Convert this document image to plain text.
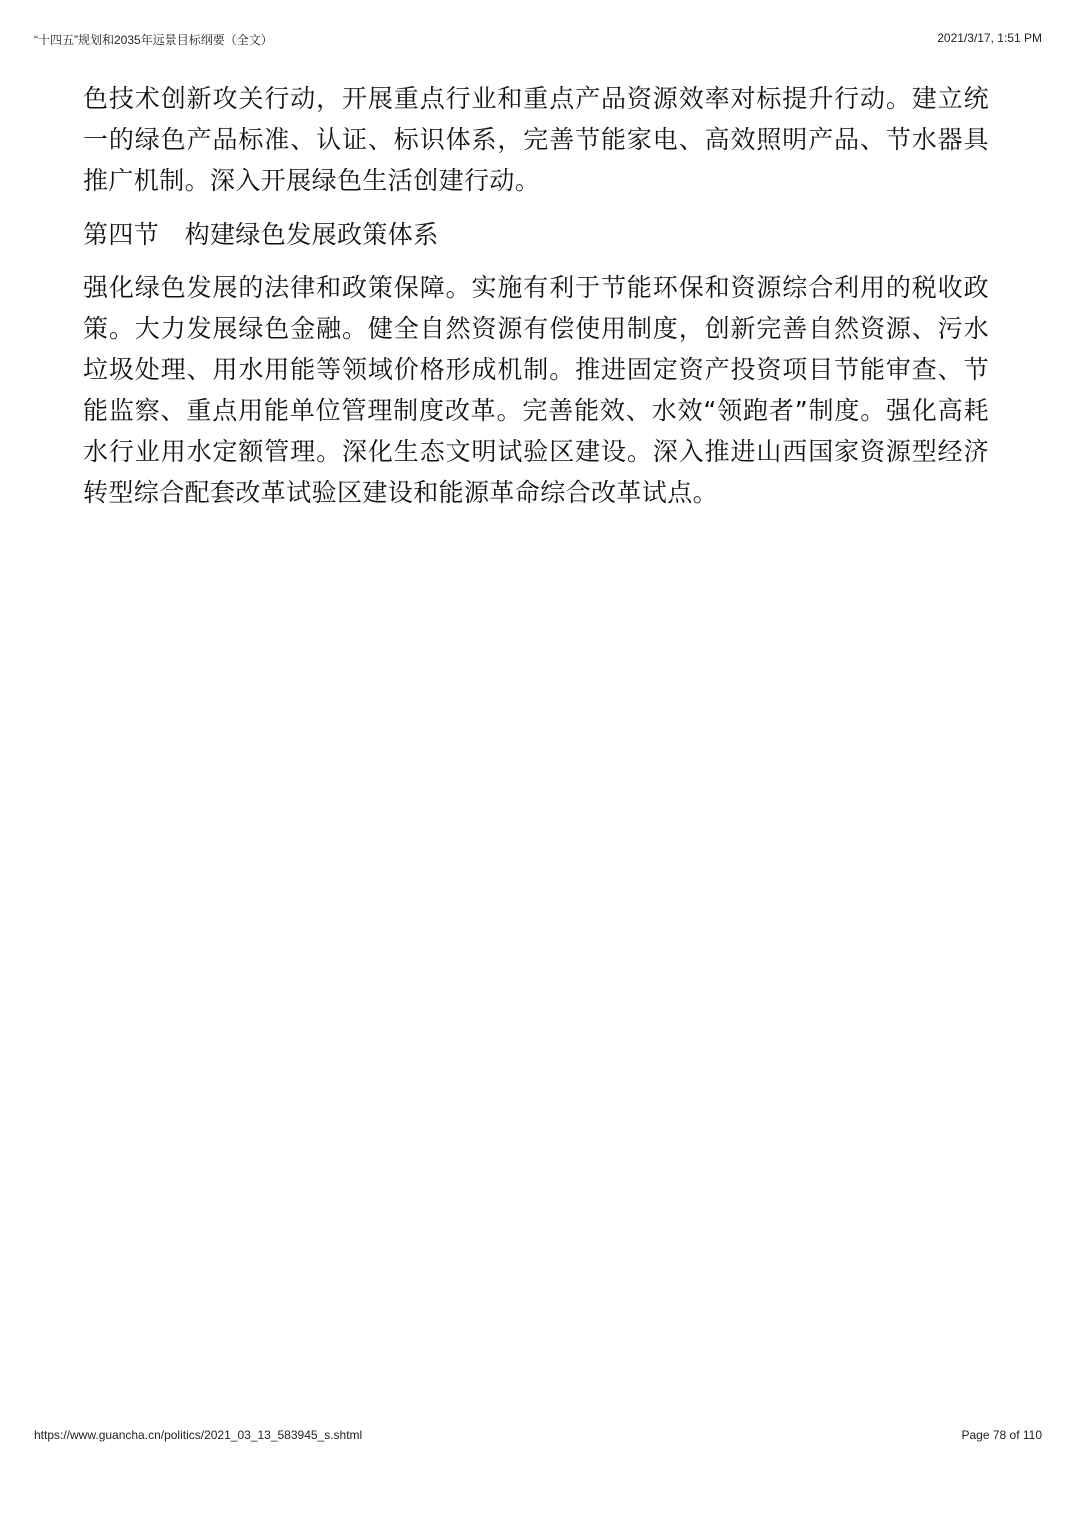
“十四五”规划和2035年远景目标纲要（全文）	2021/3/17, 1:51 PM

色技术创新攻关行动，开展重点行业和重点产品资源效率对标提升行动。建立统一的绿色产品标准、认证、标识体系，完善节能家电、高效照明产品、节水器具推广机制。深入开展绿色生活创建行动。

第四节　构建绿色发展政策体系

强化绿色发展的法律和政策保障。实施有利于节能环保和资源综合利用的税收政策。大力发展绿色金融。健全自然资源有偿使用制度，创新完善自然资源、污水垃圾处理、用水用能等领域价格形成机制。推进固定资产投资项目节能审查、节能监察、重点用能单位管理制度改革。完善能效、水效“领跑者”制度。强化高耗水行业用水定额管理。深化生态文明试验区建设。深入推进山西国家资源型经济转型综合配套改革试验区建设和能源革命综合改革试点。

https://www.guancha.cn/politics/2021_03_13_583945_s.shtml	Page 78 of 110
